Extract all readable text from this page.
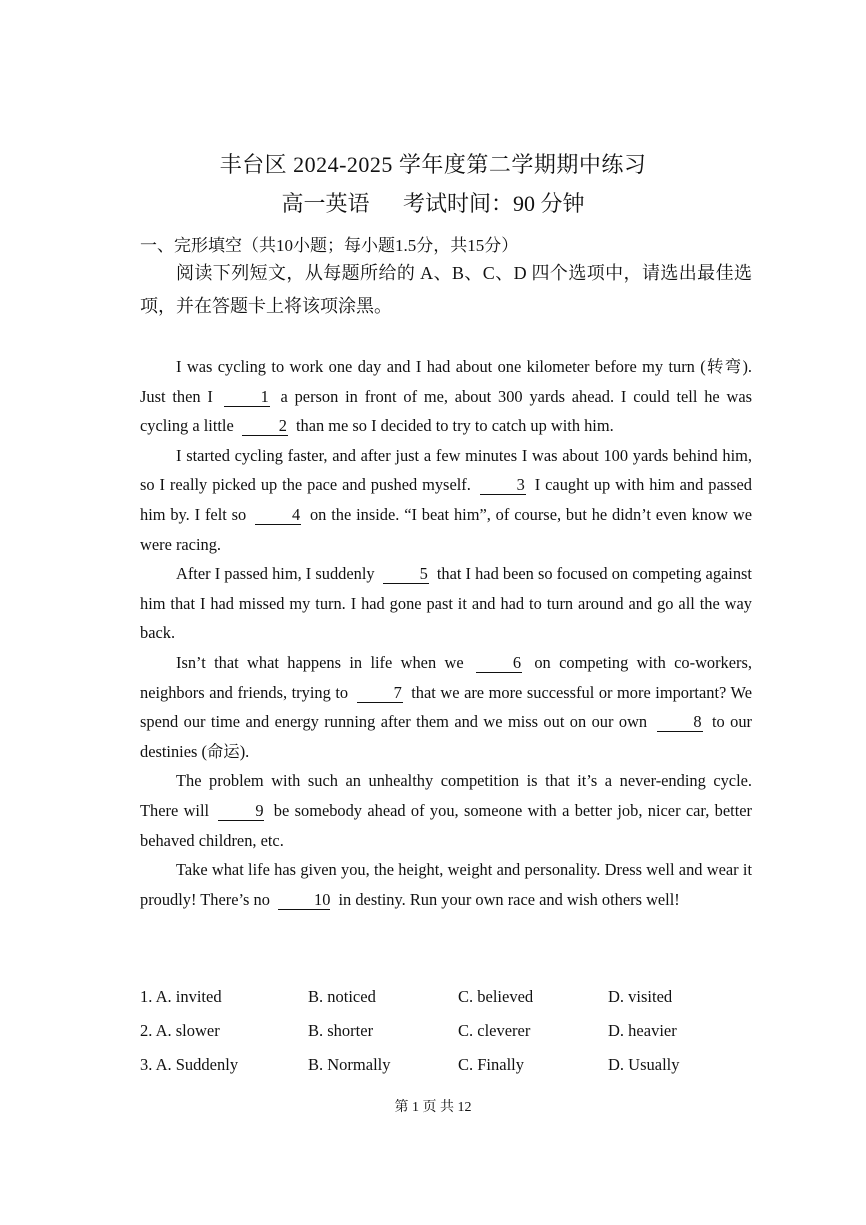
丰台区 2024-2025 学年度第二学期期中练习
高一英语 考试时间：90 分钟
一、完形填空（共10小题；每小题1.5分，共15分）
阅读下列短文，从每题所给的 A、B、C、D 四个选项中，请选出最佳选项，并在答题卡上将该项涂黑。

I was cycling to work one day and I had about one kilometer before my turn (转弯). Just then I	1 a person in front of me, about 300 yards ahead. I could tell he was cycling a little	2 than me so I decided to try to catch up with him.

I started cycling faster, and after just a few minutes I was about 100 yards behind him, so I really picked up the pace and pushed myself.	3 I caught up with him and passed him by. I felt so	4 on the inside. “I beat him”, of course, but he didn’t even know we were racing.

After I passed him, I suddenly	5 that I had been so focused on competing against him that I had missed my turn. I had gone past it and had to turn around and go all the way back.

Isn’t that what happens in life when we	6 on competing with co-workers, neighbors and friends, trying to	7 that we are more successful or more important? We spend our time and energy running after them and we miss out on our own	8 to our destinies (命运).

The problem with such an unhealthy competition is that it’s a never-ending cycle. There will	9 be somebody ahead of you, someone with a better job, nicer car, better behaved children, etc.

Take what life has given you, the height, weight and personality. Dress well and wear it proudly! There’s no	10 in destiny. Run your own race and wish others well!

1. A. invited	B. noticed	C. believed	D. visited
2. A. slower	B. shorter	C. cleverer	D. heavier
3. A. Suddenly	B. Normally	C. Finally	D. Usually
第 1 页 共 12
